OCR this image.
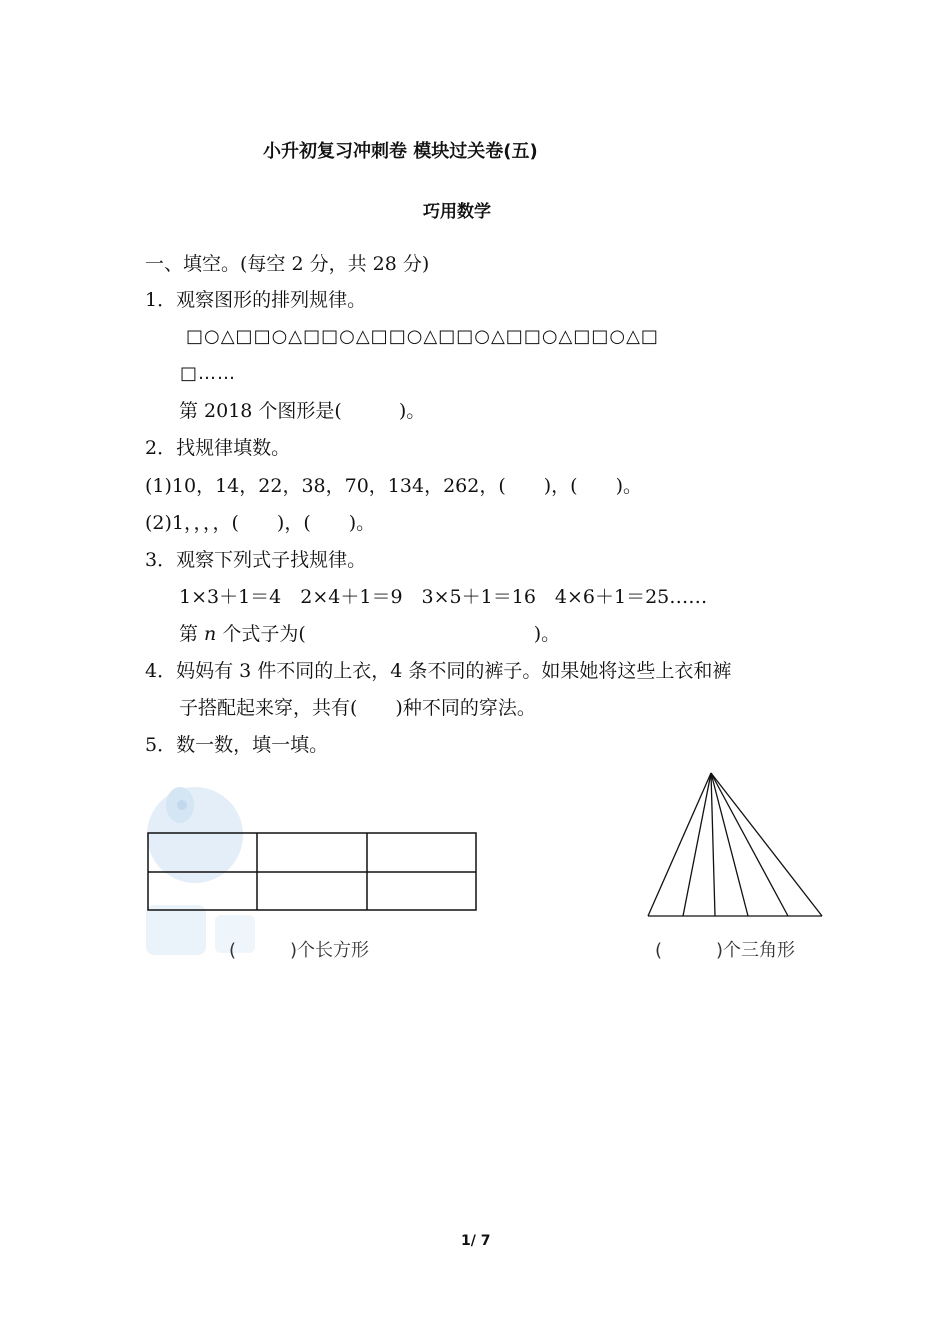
小升初复习冲刺卷 模块过关卷(五)
巧用数学
一、填空。(每空 2 分，共 28 分)
1．观察图形的排列规律。
□○△□□○△□□○△□□○△□□○△□□○△□□○△□
□……
第 2018 个图形是(　　　)。
2．找规律填数。
(1)10，14，22，38，70，134，262，(　　)，(　　)。
(2)1，，，，(　　)，(　　)。
3．观察下列式子找规律。
1×3＋1＝4　2×4＋1＝9　3×5＋1＝16　4×6＋1＝25……
第 n 个式子为(　　　　　　　　　　　　)。
4．妈妈有 3 件不同的上衣，4 条不同的裤子。如果她将这些上衣和裤
子搭配起来穿，共有(　　)种不同的穿法。
5．数一数，填一填。
(　　　)个长方形	(　　　)个三角形
1/ 7
